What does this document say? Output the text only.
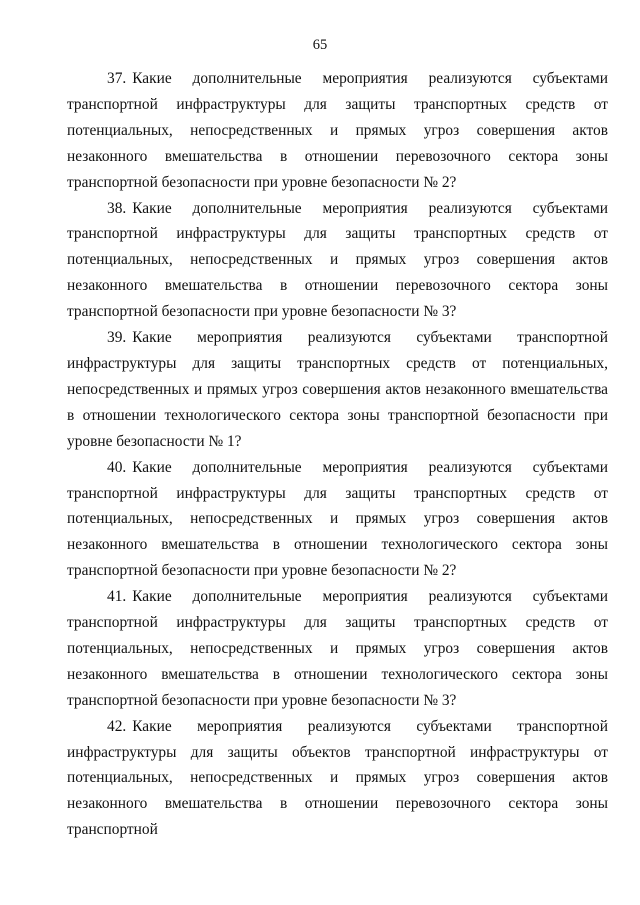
65

37. Какие дополнительные мероприятия реализуются субъектами транспортной инфраструктуры для защиты транспортных средств от потенциальных, непосредственных и прямых угроз совершения актов незаконного вмешательства в отношении перевозочного сектора зоны транспортной безопасности при уровне безопасности № 2?

38. Какие дополнительные мероприятия реализуются субъектами транспортной инфраструктуры для защиты транспортных средств от потенциальных, непосредственных и прямых угроз совершения актов незаконного вмешательства в отношении перевозочного сектора зоны транспортной безопасности при уровне безопасности № 3?

39. Какие мероприятия реализуются субъектами транспортной инфраструктуры для защиты транспортных средств от потенциальных, непосредственных и прямых угроз совершения актов незаконного вмешательства в отношении технологического сектора зоны транспортной безопасности при уровне безопасности № 1?

40. Какие дополнительные мероприятия реализуются субъектами транспортной инфраструктуры для защиты транспортных средств от потенциальных, непосредственных и прямых угроз совершения актов незаконного вмешательства в отношении технологического сектора зоны транспортной безопасности при уровне безопасности № 2?

41. Какие дополнительные мероприятия реализуются субъектами транспортной инфраструктуры для защиты транспортных средств от потенциальных, непосредственных и прямых угроз совершения актов незаконного вмешательства в отношении технологического сектора зоны транспортной безопасности при уровне безопасности № 3?

42. Какие мероприятия реализуются субъектами транспортной инфраструктуры для защиты объектов транспортной инфраструктуры от потенциальных, непосредственных и прямых угроз совершения актов незаконного вмешательства в отношении перевозочного сектора зоны транспортной
